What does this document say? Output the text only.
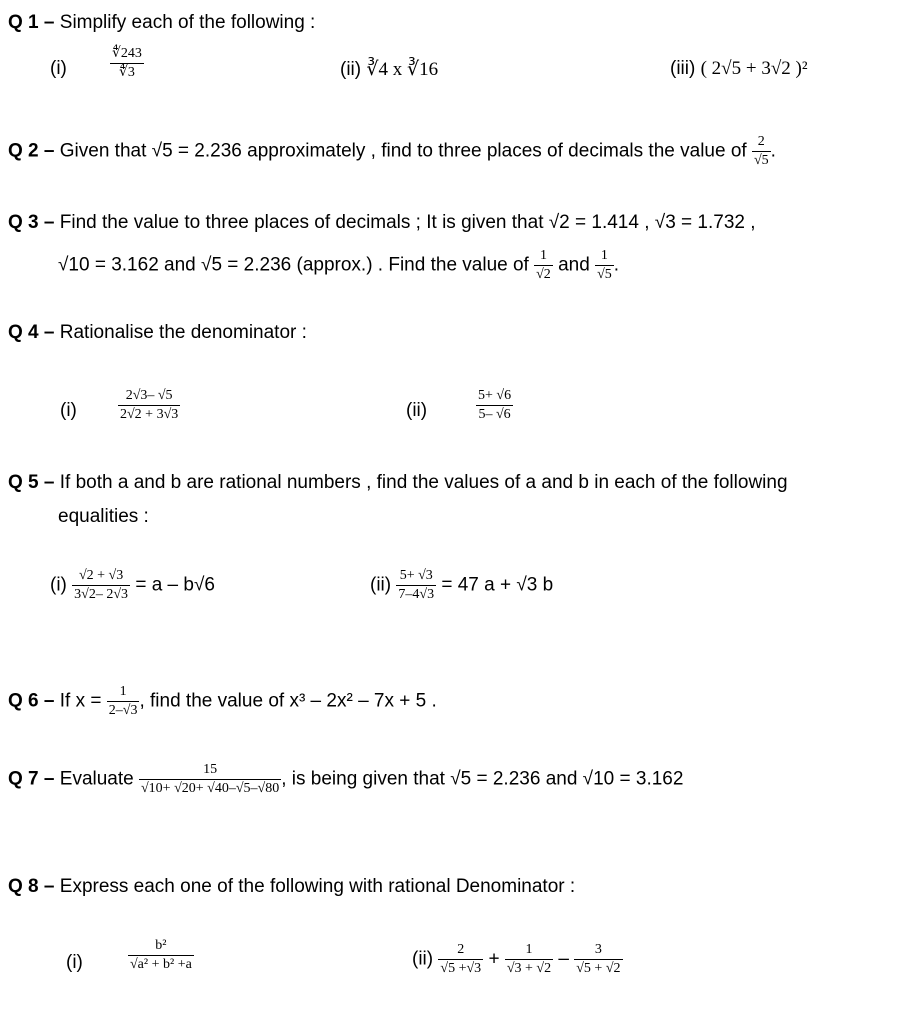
Q 1 – Simplify each of the following :
(i)	$\frac{∜243}{∜3}$	(ii) ∛4 x ∛16	(iii) ( 2√5 + 3√2 )²
Q 2 – Given that √5 = 2.236 approximately , find to three places of decimals the value of $\frac{2}{√5}$ .
Q 3 – Find the value to three places of decimals ; It is given that √2 = 1.414 , √3 = 1.732 ,
√10 = 3.162 and √5 = 2.236 (approx.) . Find the value of $\frac{1}{√2}$ and $\frac{1}{√5}$ .
Q 4 – Rationalise the denominator :
(i)	$\frac{2√3- √5}{2√2 + 3√3}$	(ii)	$\frac{5+ √6}{5- √6}$
Q 5 – If both a and b are rational numbers , find the values of a and b in each of the following
equalities :
$(i) \frac{√2 + √3}{3√2- 2√3} = a - b√6$	$(ii) \frac{5+ √3}{7-4√3} = 47$ a + √3 b
Q 6 – If $x = \frac{1}{2-√3}$ , find the value of x³ – 2x² – 7x + 5 .
Q 7 – Evaluate $\frac{15}{√10+ √20+ √40-√5-√80}$ , is being given that √5 = 2.236 and √10 = 3.162
Q 8 – Express each one of the following with rational Denominator :
(i)	$\frac{\text{b²}}{\text{√a² + b² +a}}$	$(ii) \frac{2}{√5 +√3} + \frac{1}{√3 + √2} - \frac{3}{√5 + √2}$
